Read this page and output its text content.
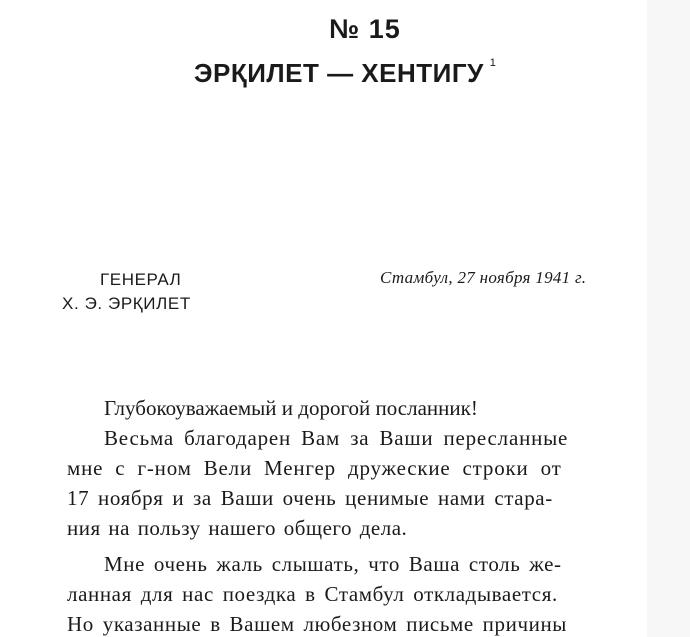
№ 15
ЭРҚИЛЕТ — ХЕНТИГУ $^1$
ГЕНЕРАЛ
Х. Э. ЭРҚИЛЕТ
Стамбул, 27 ноября 1941 г.
Глубокоуважаемый и дорогой посланник!
Весьма благодарен Вам за Ваши пересланные
мне с г-ном Вели Менгер дружеские строки от
17 ноября и за Ваши очень ценимые нами стара-
ния на пользу нашего общего дела.
Мне очень жаль слышать, что Ваша столь же-
ланная для нас поездка в Стамбул откладывается.
Но указанные в Вашем любезном письме причины
